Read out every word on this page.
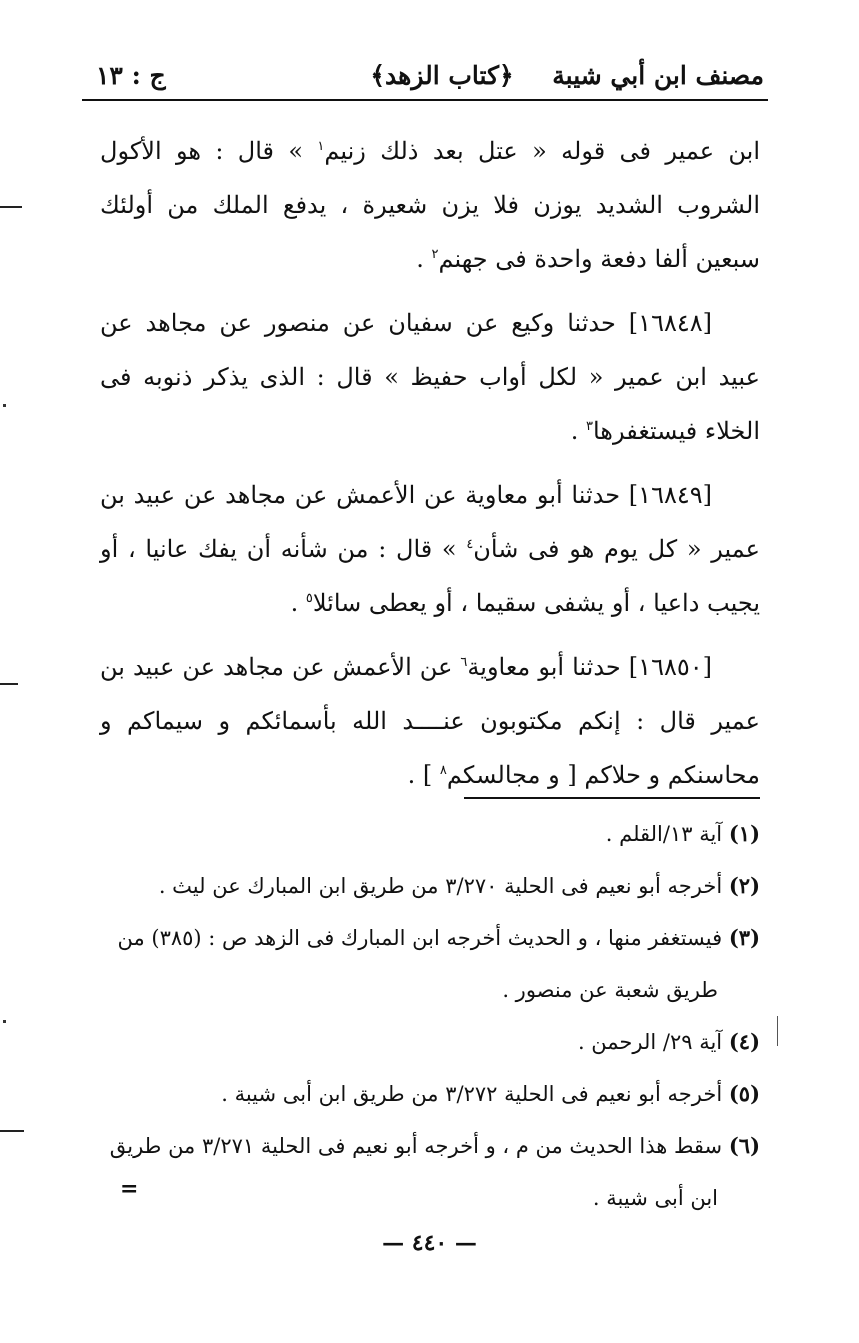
مصنف ابن أبي شيبة
﴿كتاب الزهد﴾
ج : ١٣

ابن عمير فى قوله « عتل بعد ذلك زنيم$^١$ » قال : هو الأكول الشروب الشديد يوزن فلا يزن شعيرة ، يدفع الملك من أولئك سبعين ألفا دفعة واحدة فى جهنم$^٢$ .

[١٦٨٤٨] حدثنا وكيع عن سفيان عن منصور عن مجاهد عن عبيد ابن عمير « لكل أواب حفيظ » قال : الذى يذكر ذنوبه فى الخلاء فيستغفرها$^٣$ .

[١٦٨٤٩] حدثنا أبو معاوية عن الأعمش عن مجاهد عن عبيد بن عمير « كل يوم هو فى شأن$^٤$ » قال : من شأنه أن يفك عانيا ، أو يجيب داعيا ، أو يشفى سقيما ، أو يعطى سائلا$^٥$ .

[١٦٨٥٠] حدثنا أبو معاوية$^٦$ عن الأعمش عن مجاهد عن عبيد بن عمير قال : إنكم مكتوبون عنــــد الله بأسمائكم و سيماكم و محاسنكم و حلاكم [ و مجالسكم$^٨$ ] .

(١) آية ١٣/القلم .

(٢) أخرجه أبو نعيم فى الحلية ٣/٢٧٠ من طريق ابن المبارك عن ليث .

(٣) فيستغفر منها ، و الحديث أخرجه ابن المبارك فى الزهد ص : (٣٨٥) من طريق شعبة عن منصور .

(٤) آية ٢٩/ الرحمن .

(٥) أخرجه أبو نعيم فى الحلية ٣/٢٧٢ من طريق ابن أبى شيبة .

(٦) سقط هذا الحديث من م ، و أخرجه أبو نعيم فى الحلية ٣/٢٧١ من طريق ابن أبى شيبة .

=
— ٤٤٠ —
